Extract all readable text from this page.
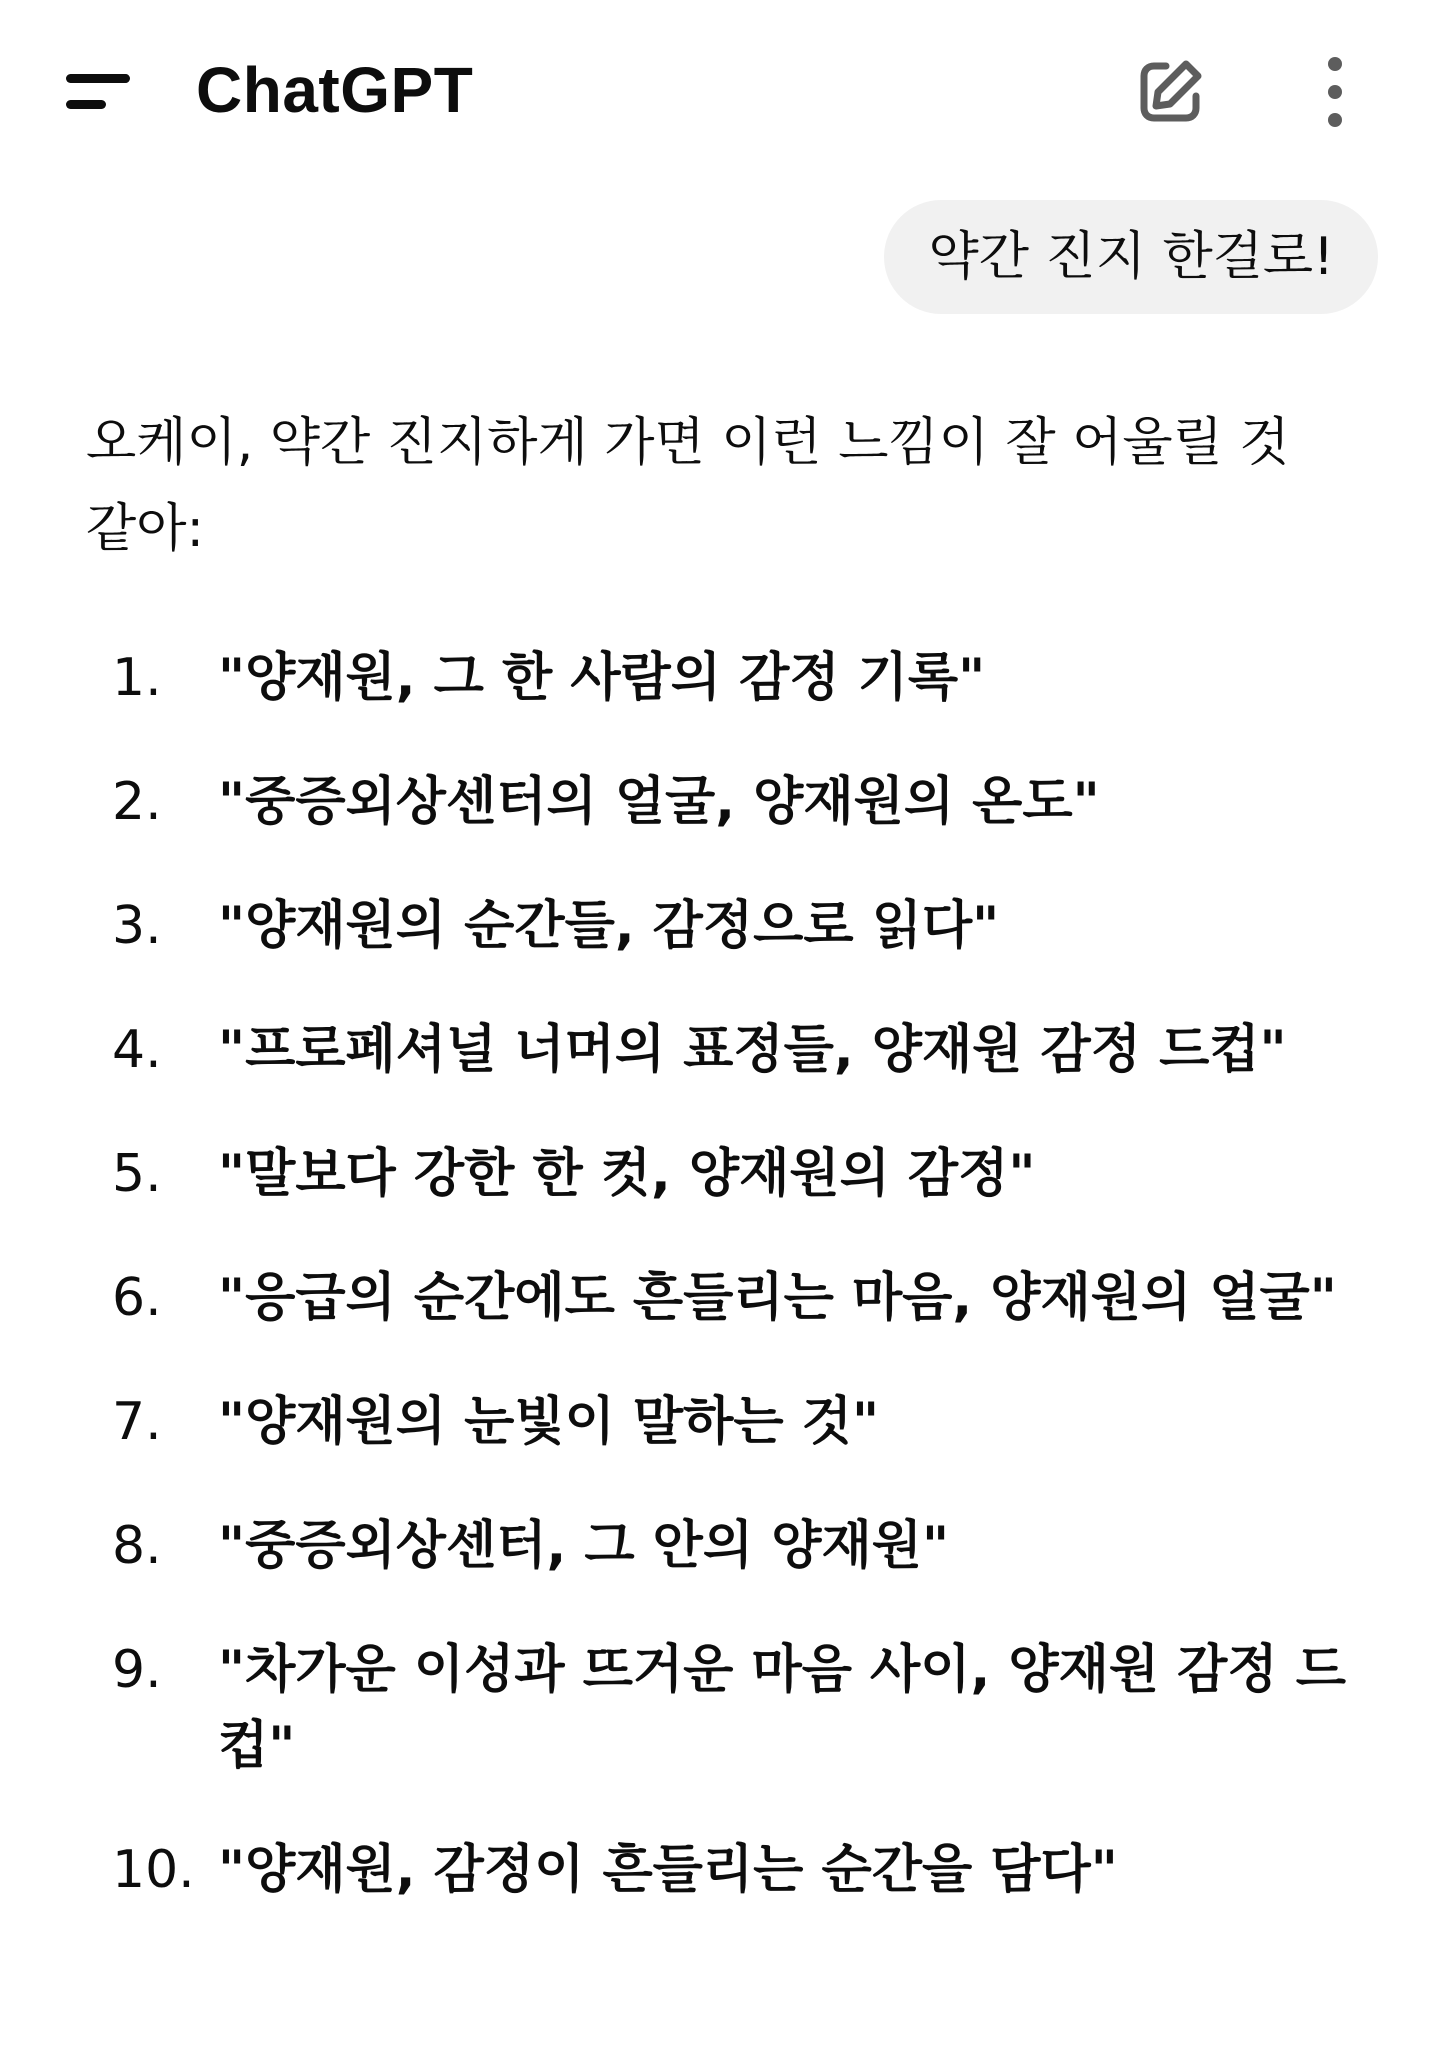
ChatGPT
약간 진지 한걸로!

오케이, 약간 진지하게 가면 이런 느낌이 잘 어울릴 것 같아:

1. "양재원, 그 한 사람의 감정 기록"
2. "중증외상센터의 얼굴, 양재원의 온도"
3. "양재원의 순간들, 감정으로 읽다"
4. "프로페셔널 너머의 표정들, 양재원 감정 드컵"
5. "말보다 강한 한 컷, 양재원의 감정"
6. "응급의 순간에도 흔들리는 마음, 양재원의 얼굴"
7. "양재원의 눈빛이 말하는 것"
8. "중증외상센터, 그 안의 양재원"
9. "차가운 이성과 뜨거운 마음 사이, 양재원 감정 드컵"
10. "양재원, 감정이 흔들리는 순간을 담다"
